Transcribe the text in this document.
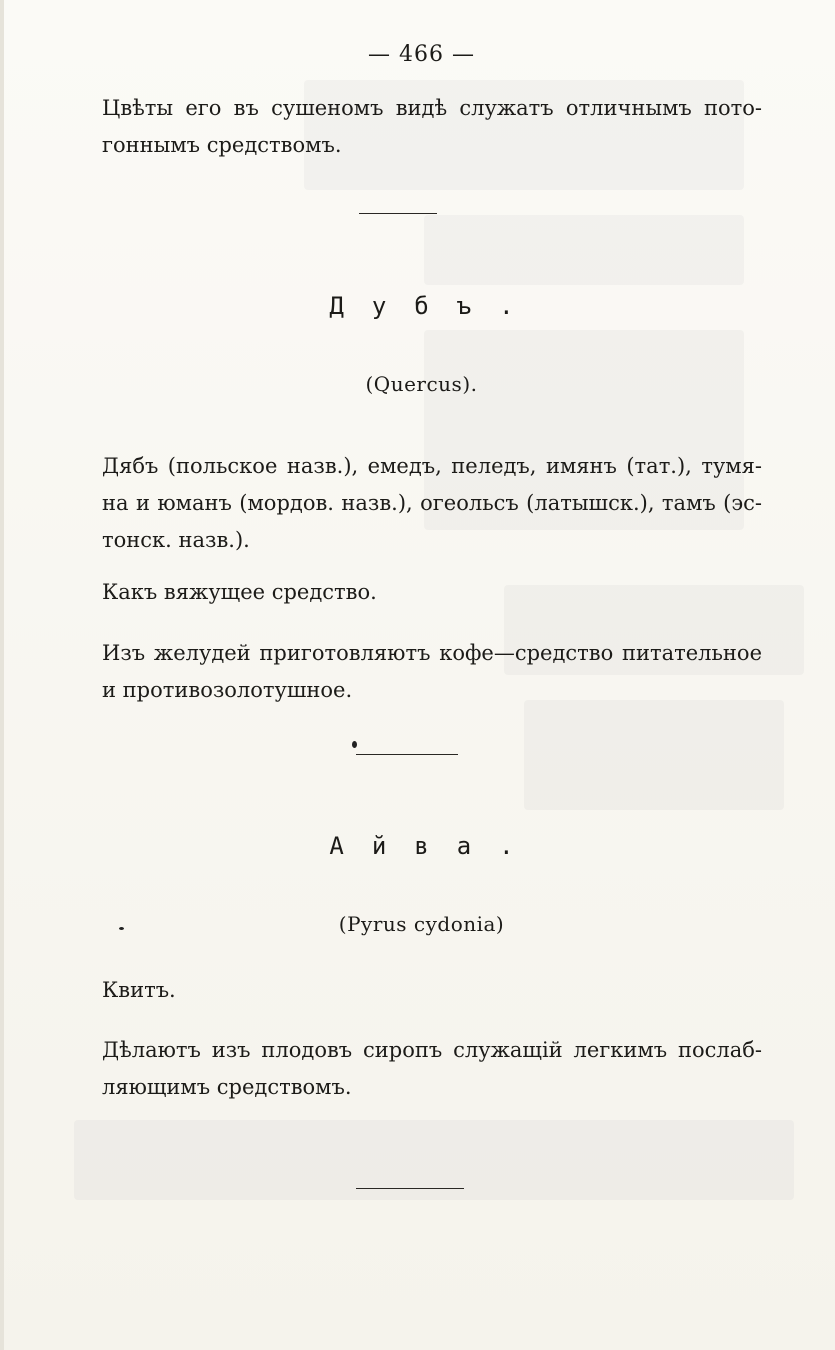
— 466 —
Цвѣты его въ сушеномъ видѣ служатъ отличнымъ пото-
гоннымъ средствомъ.
Дубъ.
(Quercus).
Дябъ (польское назв.), емедъ, пеледъ, имянъ (тат.), тумя-
на и юманъ (мордов. назв.), огеольсъ (латышск.), тамъ (эс-
тонск. назв.).
Какъ вяжущее средство.
Изъ желудей приготовляютъ кофе—средство питательное
и противозолотушное.
Айва.
(Pyrus cydonia)
Квитъ.
Дѣлаютъ изъ плодовъ сиропъ служащій легкимъ послаб-
ляющимъ средствомъ.
